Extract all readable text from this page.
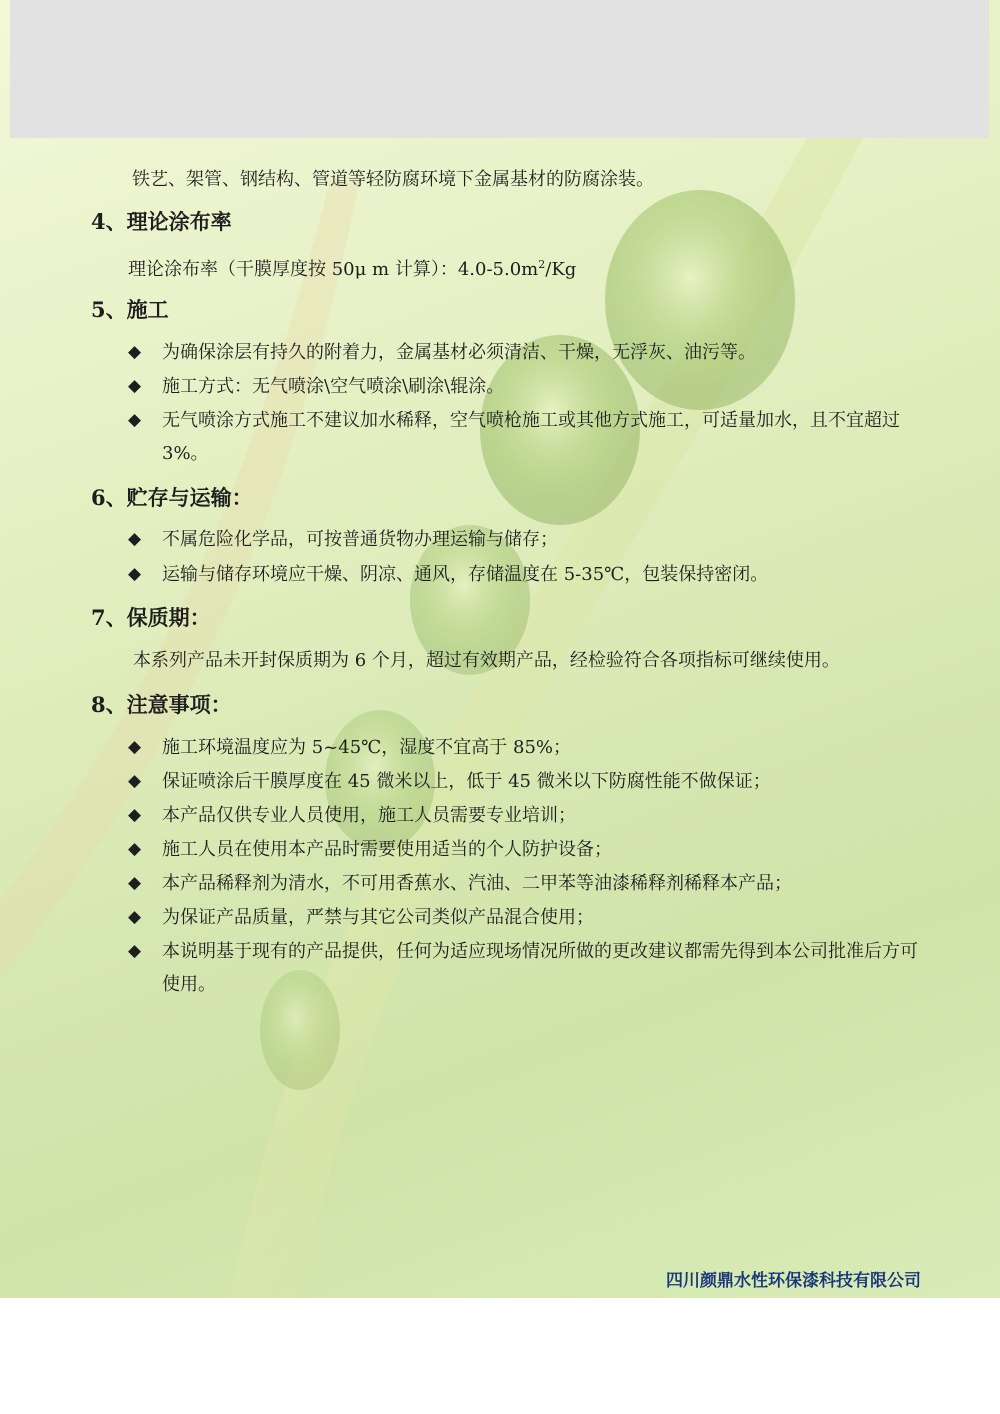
铁艺、架管、钢结构、管道等轻防腐环境下金属基材的防腐涂装。
4、理论涂布率
理论涂布率（干膜厚度按 50μ m 计算）：$4.0-5.0m^2/Kg$
5、施工
◆	为确保涂层有持久的附着力，金属基材必须清洁、干燥，无浮灰、油污等。
◆	施工方式：无气喷涂\空气喷涂\刷涂\辊涂。
◆	无气喷涂方式施工不建议加水稀释，空气喷枪施工或其他方式施工，可适量加水，且不宜超过 3%。
6、贮存与运输：
◆	不属危险化学品，可按普通货物办理运输与储存；
◆	运输与储存环境应干燥、阴凉、通风，存储温度在 5-35℃，包装保持密闭。
7、保质期：
本系列产品未开封保质期为 6 个月，超过有效期产品，经检验符合各项指标可继续使用。
8、注意事项：
◆	施工环境温度应为 5~45℃，湿度不宜高于 85%；
◆	保证喷涂后干膜厚度在 45 微米以上，低于 45 微米以下防腐性能不做保证；
◆	本产品仅供专业人员使用，施工人员需要专业培训；
◆	施工人员在使用本产品时需要使用适当的个人防护设备；
◆	本产品稀释剂为清水，不可用香蕉水、汽油、二甲苯等油漆稀释剂稀释本产品；
◆	为保证产品质量，严禁与其它公司类似产品混合使用；
◆	本说明基于现有的产品提供，任何为适应现场情况所做的更改建议都需先得到本公司批准后方可使用。
四川颜鼎水性环保漆科技有限公司
